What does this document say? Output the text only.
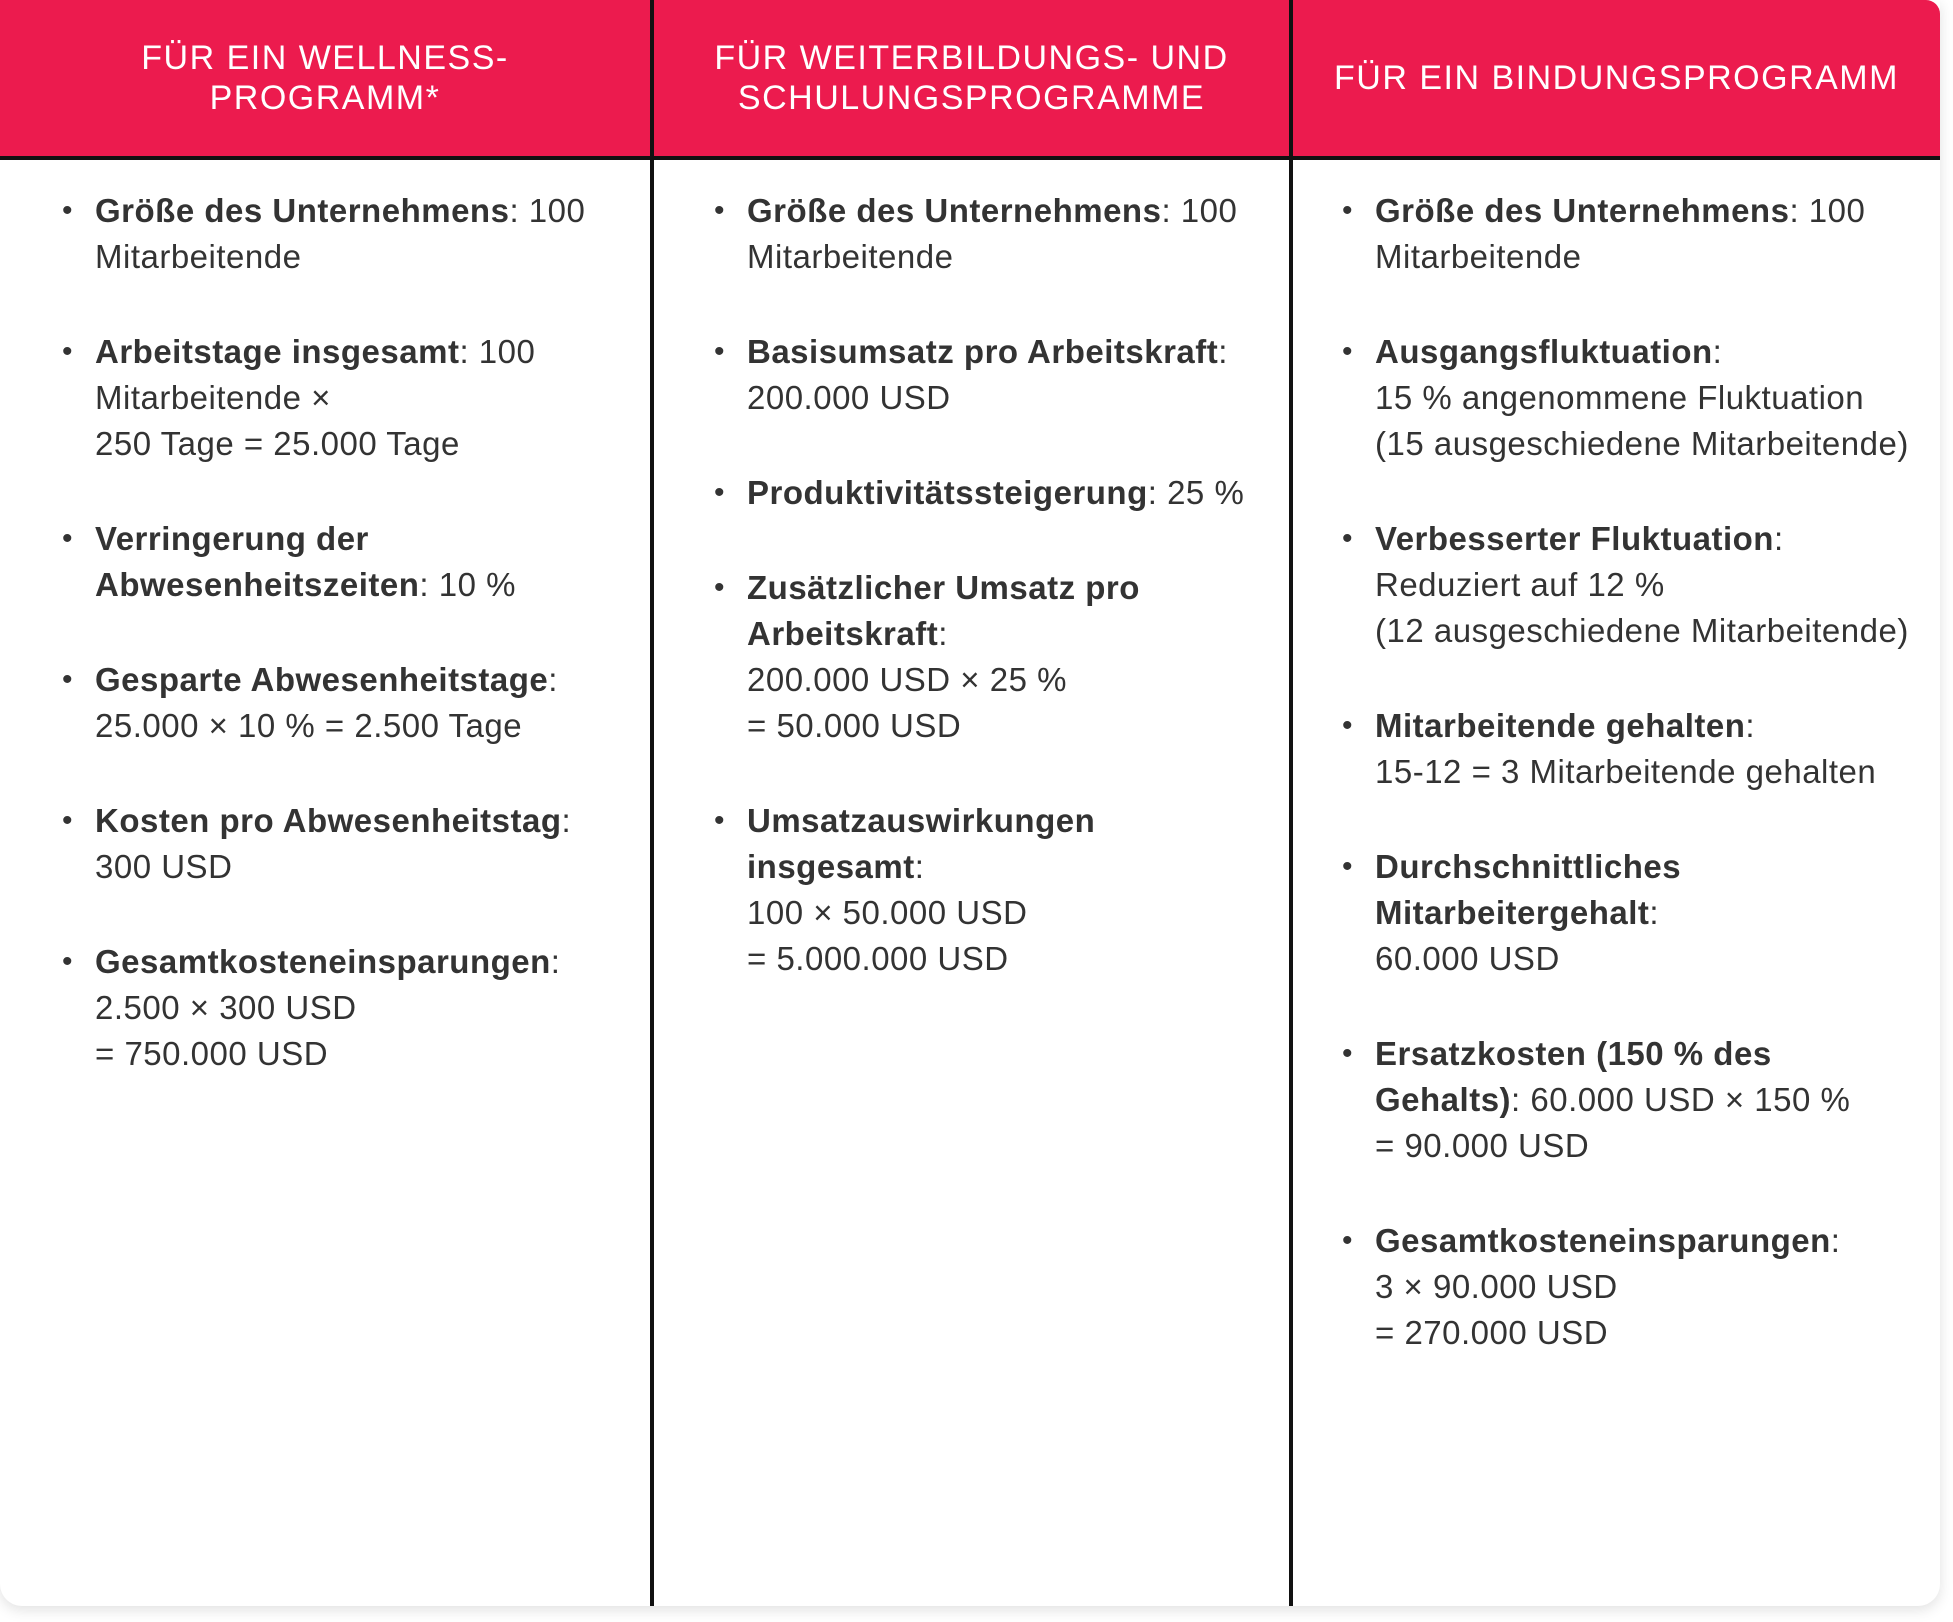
FÜR EIN WELLNESS-
PROGRAMM*
FÜR WEITERBILDUNGS- UND
SCHULUNGSPROGRAMME
FÜR EIN BINDUNGSPROGRAMM
• Größe des Unternehmens: 100 Mitarbeitende
• Arbeitstage insgesamt: 100 Mitarbeitende ×
250 Tage = 25.000 Tage
• Verringerung der Abwesenheitszeiten: 10 %
• Gesparte Abwesenheitstage: 25.000 × 10 % = 2.500 Tage
• Kosten pro Abwesenheitstag: 300 USD
• Gesamtkosteneinsparungen:
2.500 × 300 USD
= 750.000 USD
• Größe des Unternehmens: 100 Mitarbeitende
• Basisumsatz pro Arbeitskraft: 200.000 USD
• Produktivitätssteigerung: 25 %
• Zusätzlicher Umsatz pro Arbeitskraft:
200.000 USD × 25 %
= 50.000 USD
• Umsatzauswirkungen insgesamt:
100 × 50.000 USD
= 5.000.000 USD
• Größe des Unternehmens: 100 Mitarbeitende
• Ausgangsfluktuation:
15 % angenommene Fluktuation
(15 ausgeschiedene Mitarbeitende)
• Verbesserter Fluktuation:
Reduziert auf 12 %
(12 ausgeschiedene Mitarbeitende)
• Mitarbeitende gehalten:
15-12 = 3 Mitarbeitende gehalten
• Durchschnittliches Mitarbeitergehalt:
60.000 USD
• Ersatzkosten (150 % des Gehalts): 60.000 USD × 150 %
= 90.000 USD
• Gesamtkosteneinsparungen:
3 × 90.000 USD
= 270.000 USD
